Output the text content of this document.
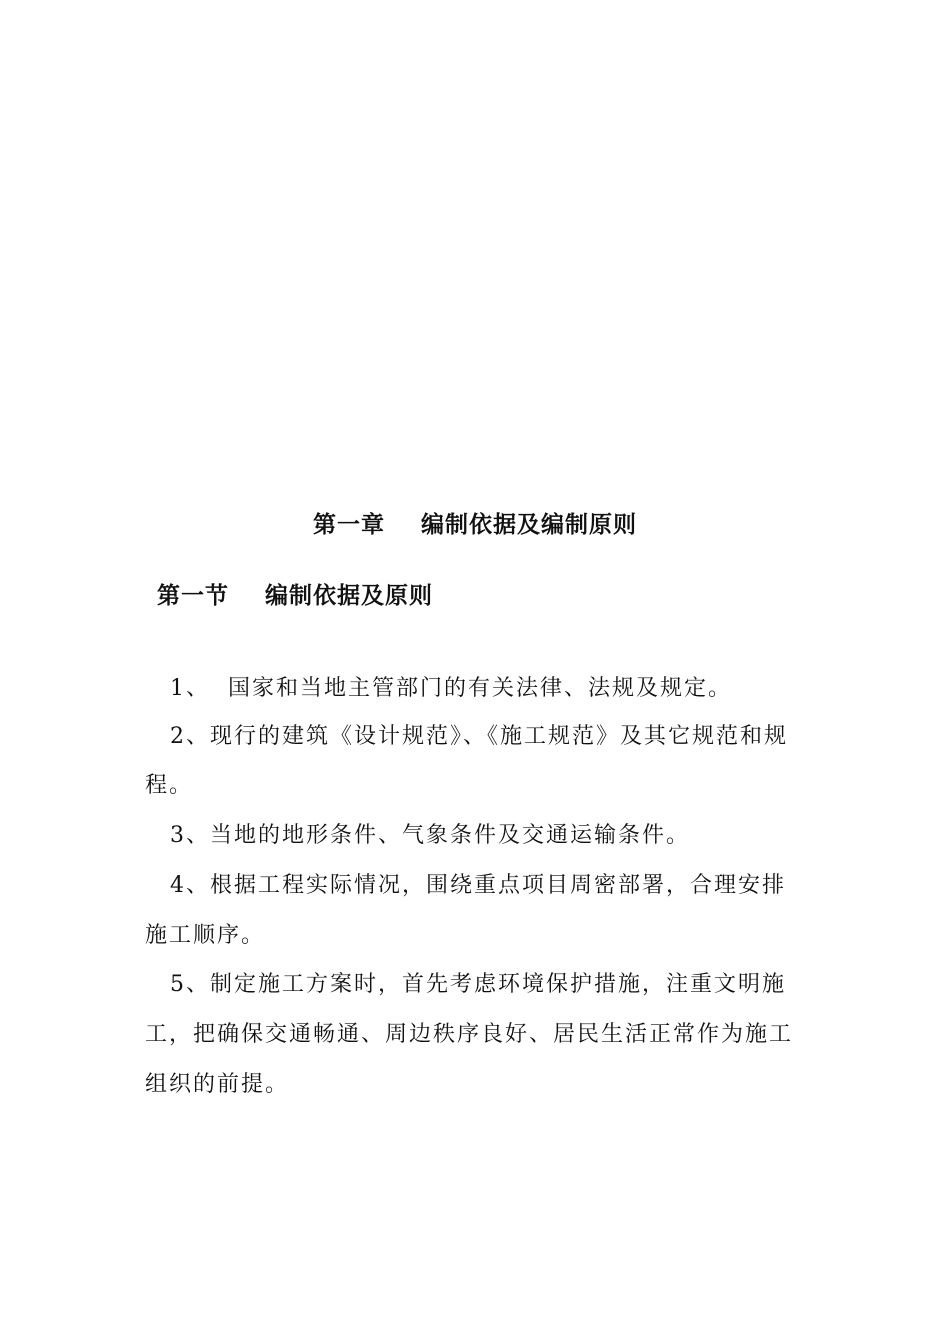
第一章 编制依据及编制原则
第一节 编制依据及原则
1、 国家和当地主管部门的有关法律、法规及规定。
2、现行的建筑《设计规范》、《施工规范》及其它规范和规
程。
3、当地的地形条件、气象条件及交通运输条件。
4、根据工程实际情况，围绕重点项目周密部署，合理安排
施工顺序。
5、制定施工方案时，首先考虑环境保护措施，注重文明施
工，把确保交通畅通、周边秩序良好、居民生活正常作为施工
组织的前提。
